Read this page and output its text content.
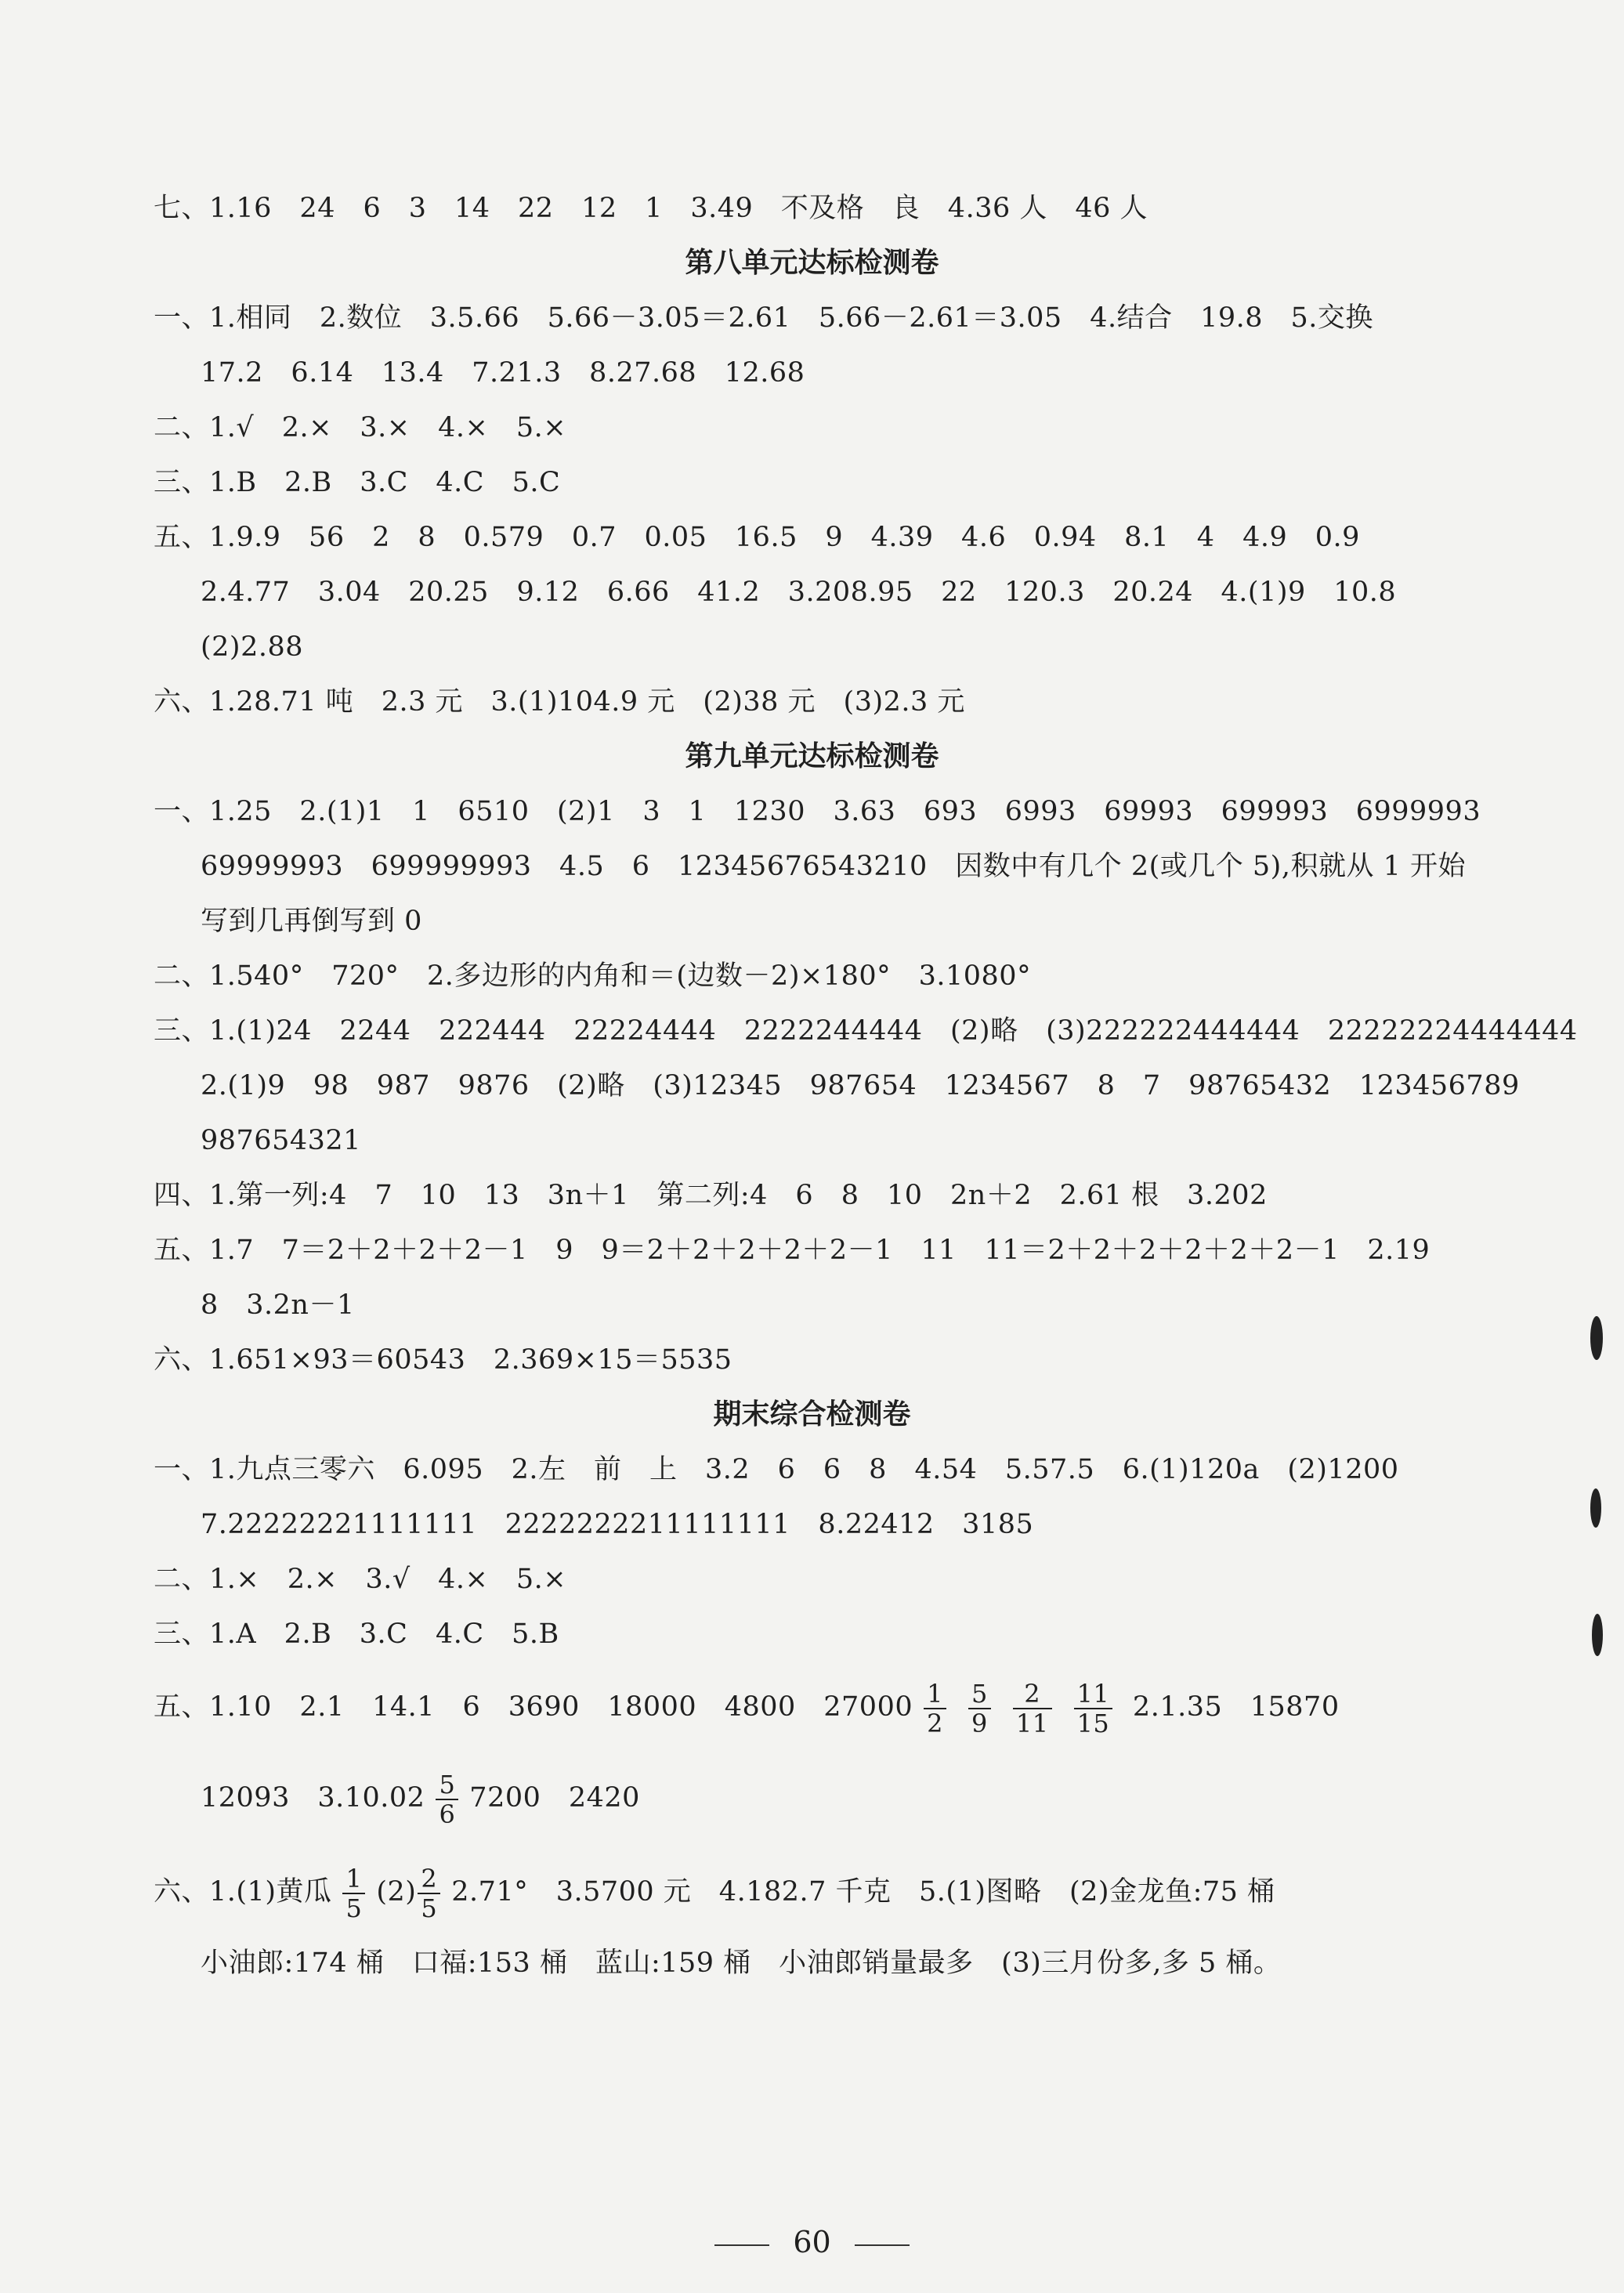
七、1.16　24　6　3　14　22　12　1　3.49　不及格　良　4.36 人　46 人
第八单元达标检测卷
一、1.相同　2.数位　3.5.66　5.66－3.05＝2.61　5.66－2.61＝3.05　4.结合　19.8　5.交换
17.2　6.14　13.4　7.21.3　8.27.68　12.68
二、1.√　2.×　3.×　4.×　5.×
三、1.B　2.B　3.C　4.C　5.C
五、1.9.9　56　2　8　0.579　0.7　0.05　16.5　9　4.39　4.6　0.94　8.1　4　4.9　0.9
2.4.77　3.04　20.25　9.12　6.66　41.2　3.208.95　22　120.3　20.24　4.(1)9　10.8
(2)2.88
六、1.28.71 吨　2.3 元　3.(1)104.9 元　(2)38 元　(3)2.3 元
第九单元达标检测卷
一、1.25　2.(1)1　1　6510　(2)1　3　1　1230　3.63　693　6993　69993　699993　6999993
69999993　699999993　4.5　6　12345676543210　因数中有几个 2(或几个 5),积就从 1 开始
写到几再倒写到 0
二、1.540°　720°　2.多边形的内角和＝(边数－2)×180°　3.1080°
三、1.(1)24　2244　222444　22224444　2222244444　(2)略　(3)222222444444　22222224444444
2.(1)9　98　987　9876　(2)略　(3)12345　987654　1234567　8　7　98765432　123456789
987654321
四、1.第一列:4　7　10　13　3n＋1　第二列:4　6　8　10　2n＋2　2.61 根　3.202
五、1.7　7＝2＋2＋2＋2－1　9　9＝2＋2＋2＋2＋2－1　11　11＝2＋2＋2＋2＋2＋2－1　2.19
8　3.2n－1
六、1.651×93＝60543　2.369×15＝5535
期末综合检测卷
一、1.九点三零六　6.095　2.左　前　上　3.2　6　6　8　4.54　5.57.5　6.(1)120a　(2)1200
7.22222221111111　2222222211111111　8.22412　3185
二、1.×　2.×　3.√　4.×　5.×
三、1.A　2.B　3.C　4.C　5.B
五、1.10　2.1　14.1　6　3690　18000　4800　$27000 \frac{1}{2} \frac{5}{9} \frac{2}{11} \frac{11}{15} 2.1.35$　15870
12093　$3.10.02 \frac{5}{6} 7200$　2420
六、1.(1)黄瓜 $\frac{1}{5} (2) \frac{2}{5} 2.71^\circ$　3.5700 元　4.182.7 千克　5.(1)图略　(2)金龙鱼:75 桶
小油郎:174 桶　口福:153 桶　蓝山:159 桶　小油郎销量最多　(3)三月份多,多 5 桶。
60
